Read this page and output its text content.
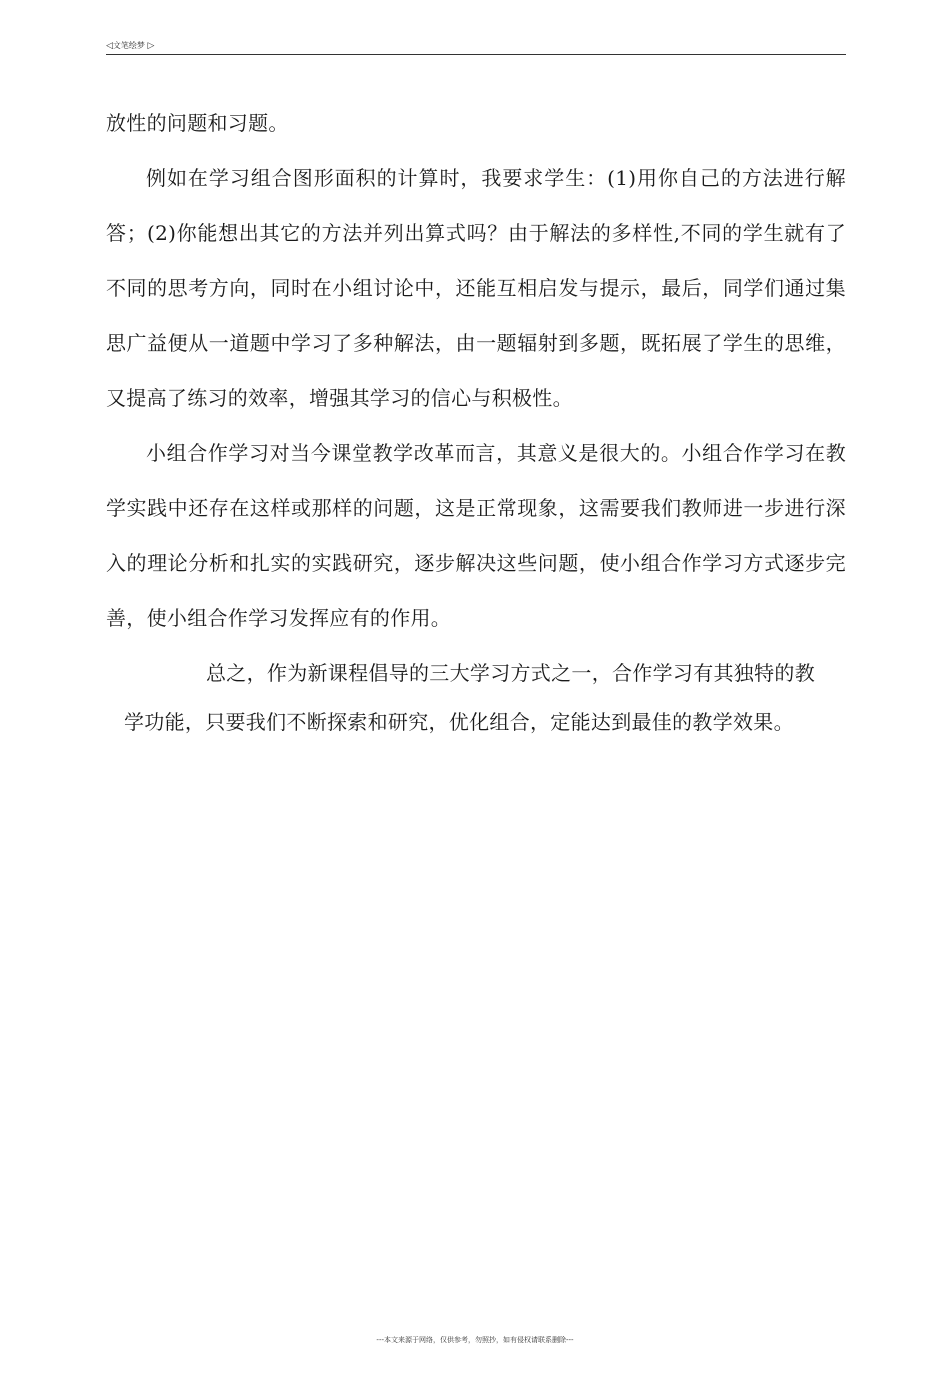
◁文笔绘梦 ▷

放性的问题和习题。

例如在学习组合图形面积的计算时，我要求学生：(1)用你自己的方法进行解答；(2)你能想出其它的方法并列出算式吗？由于解法的多样性,不同的学生就有了不同的思考方向，同时在小组讨论中，还能互相启发与提示，最后，同学们通过集思广益便从一道题中学习了多种解法，由一题辐射到多题，既拓展了学生的思维，又提高了练习的效率，增强其学习的信心与积极性。

小组合作学习对当今课堂教学改革而言，其意义是很大的。小组合作学习在教学实践中还存在这样或那样的问题，这是正常现象，这需要我们教师进一步进行深入的理论分析和扎实的实践研究，逐步解决这些问题，使小组合作学习方式逐步完善，使小组合作学习发挥应有的作用。

总之，作为新课程倡导的三大学习方式之一，合作学习有其独特的教

学功能，只要我们不断探索和研究，优化组合，定能达到最佳的教学效果。

---本文来源于网络，仅供参考，勿照抄，如有侵权请联系删除---
